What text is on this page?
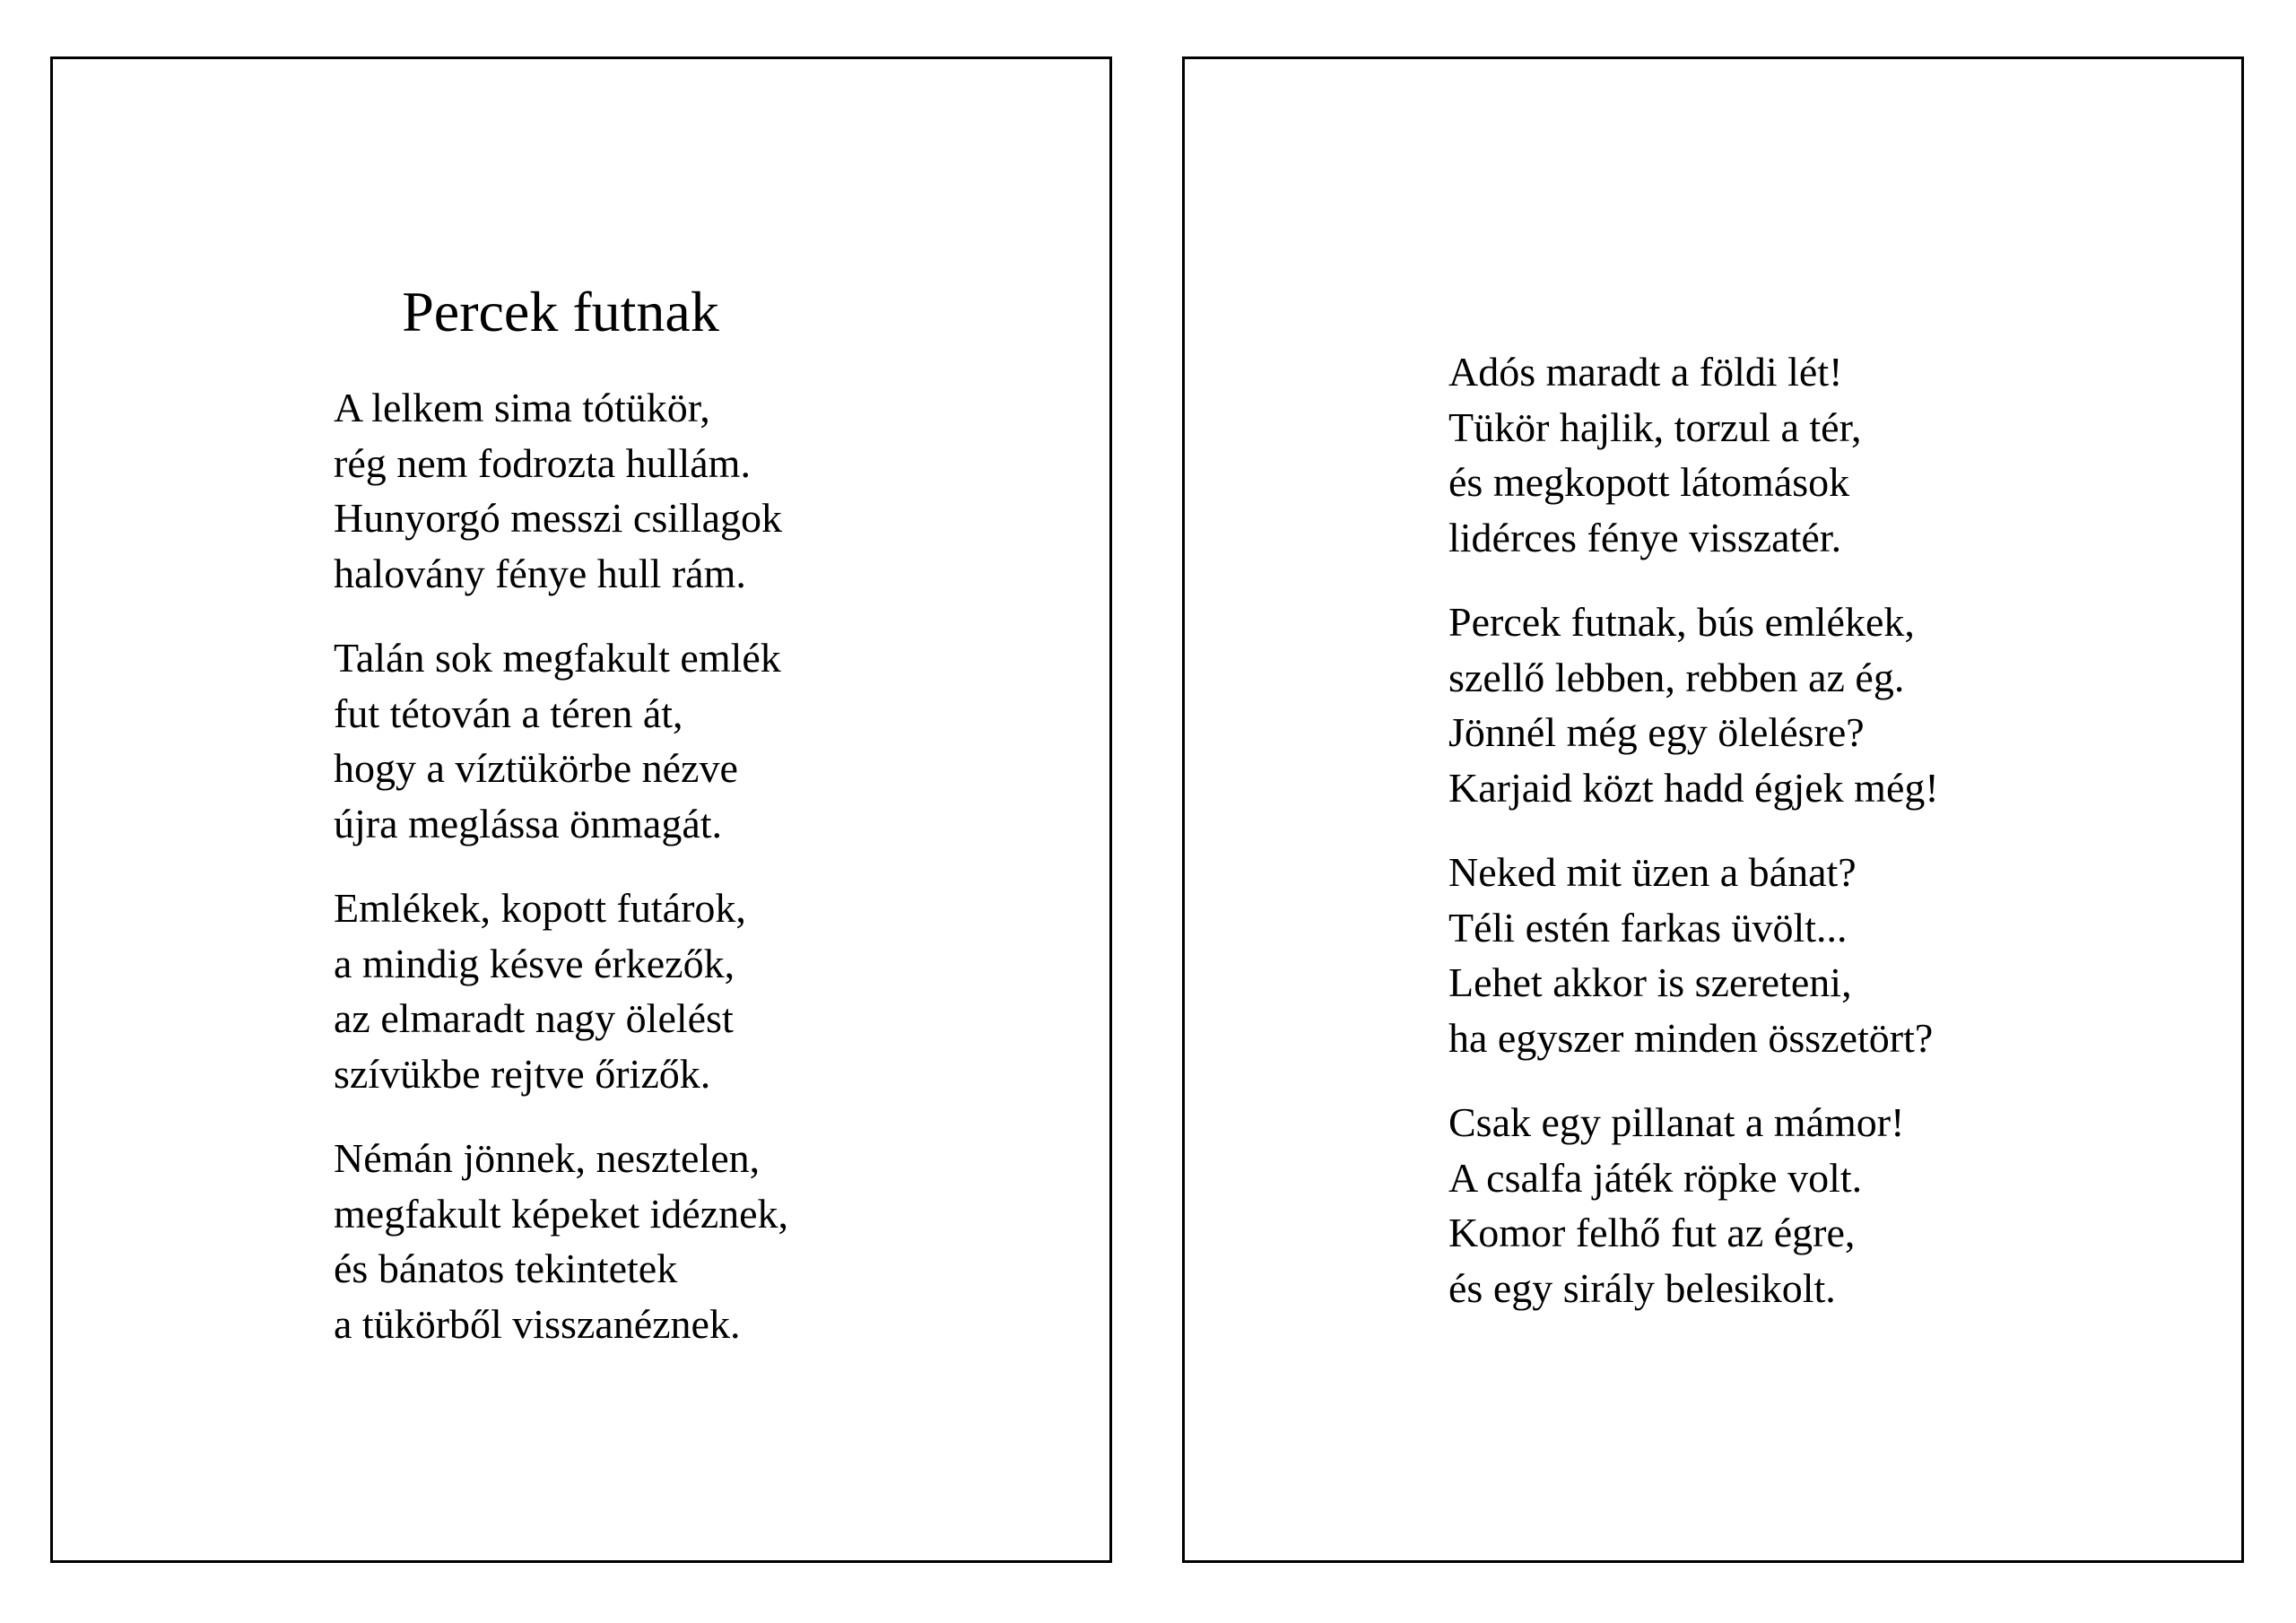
Percek futnak
A lelkem sima tótükör,
rég nem fodrozta hullám.
Hunyorgó messzi csillagok
halovány fénye hull rám.
Talán sok megfakult emlék
fut tétován a téren át,
hogy a víztükörbe nézve
újra meglássa önmagát.
Emlékek, kopott futárok,
a mindig késve érkezők,
az elmaradt nagy ölelést
szívükbe rejtve őrizők.
Némán jönnek, nesztelen,
megfakult képeket idéznek,
és bánatos tekintetek
a tükörből visszanéznek.
Adós maradt a földi lét!
Tükör hajlik, torzul a tér,
és megkopott látomások
lidérces fénye visszatér.
Percek futnak, bús emlékek,
szellő lebben, rebben az ég.
Jönnél még egy ölelésre?
Karjaid közt hadd égjek még!
Neked mit üzen a bánat?
Téli estén farkas üvölt...
Lehet akkor is szereteni,
ha egyszer minden összetört?
Csak egy pillanat a mámor!
A csalfa játék röpke volt.
Komor felhő fut az égre,
és egy sirály belesikolt.
